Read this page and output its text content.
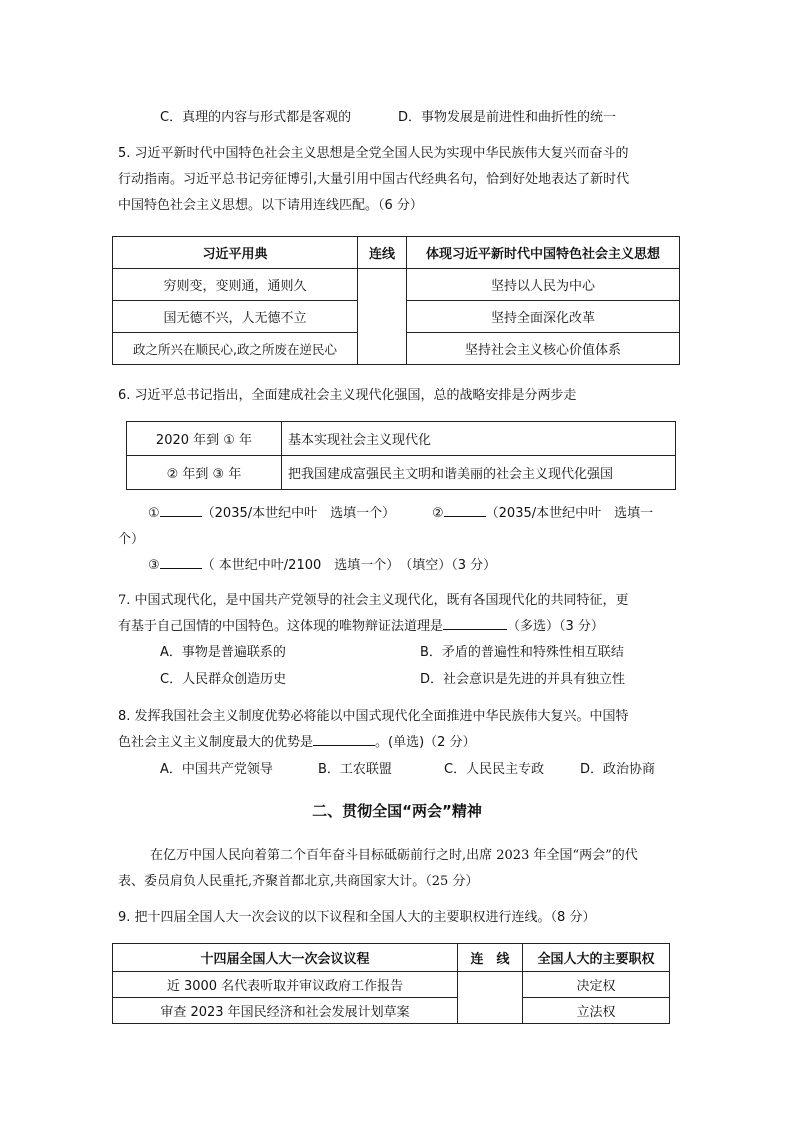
C．真理的内容与形式都是客观的	D．事物发展是前进性和曲折性的统一
5. 习近平新时代中国特色社会主义思想是全党全国人民为实现中华民族伟大复兴而奋斗的
行动指南。习近平总书记旁征博引,大量引用中国古代经典名句，恰到好处地表达了新时代
中国特色社会主义思想。以下请用连线匹配。（6 分）
习近平用典	连线	体现习近平新时代中国特色社会主义思想
穷则变，变则通，通则久		坚持以人民为中心
国无德不兴，人无德不立		坚持全面深化改革
政之所兴在顺民心,政之所废在逆民心		坚持社会主义核心价值体系
6. 习近平总书记指出，全面建成社会主义现代化强国，总的战略安排是分两步走
2020 年到 ① 年	基本实现社会主义现代化
② 年到 ③ 年	把我国建成富强民主文明和谐美丽的社会主义现代化强国
①	（2035/本世纪中叶　选填一个）	②	（2035/本世纪中叶　选填一
个）
③	（ 本世纪中叶/2100　选填一个）　（填空）（3 分）
7. 中国式现代化，是中国共产党领导的社会主义现代化，既有各国现代化的共同特征，更
有基于自己国情的中国特色。这体现的唯物辩证法道理是	（多选）（3 分）
A．事物是普遍联系的	B．矛盾的普遍性和特殊性相互联结
C．人民群众创造历史	D．社会意识是先进的并具有独立性
8. 发挥我国社会主义制度优势必将能以中国式现代化全面推进中华民族伟大复兴。中国特
色社会主义主义制度最大的优势是	。(单选)（2 分）
A．中国共产党领导	B．工农联盟	C．人民民主专政	D．政治协商
二、贯彻全国“两会”精神
在亿万中国人民向着第二个百年奋斗目标砥砺前行之时,出席 2023 年全国“两会”的代
表、委员肩负人民重托,齐聚首都北京,共商国家大计。（25 分）
9. 把十四届全国人大一次会议的以下议程和全国人大的主要职权进行连线。（8 分）
十四届全国人大一次会议议程	连　线	全国人大的主要职权
近 3000 名代表听取并审议政府工作报告		决定权
审查 2023 年国民经济和社会发展计划草案		立法权
